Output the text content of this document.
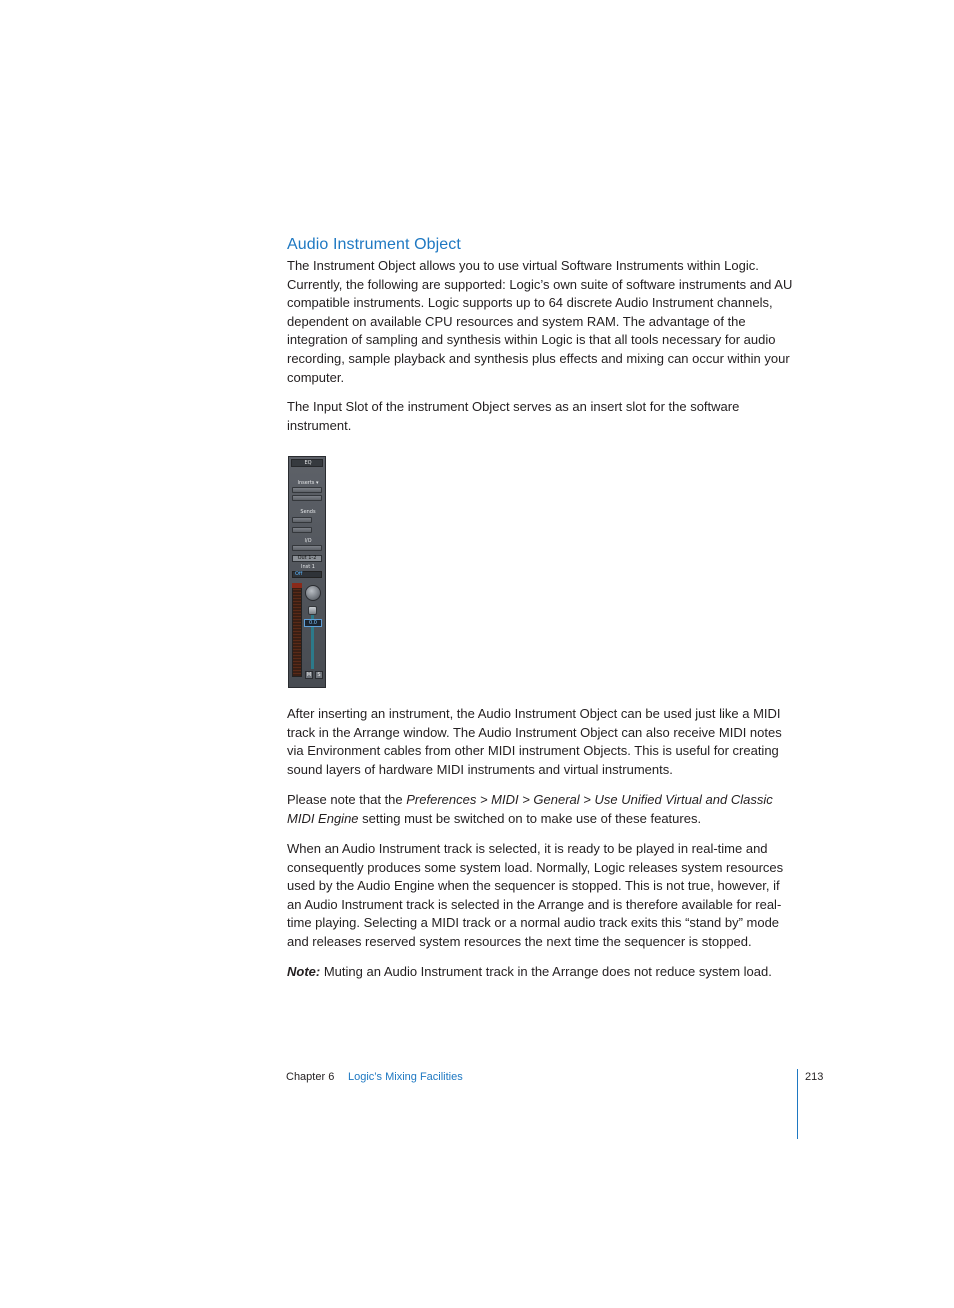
Audio Instrument Object

The Instrument Object allows you to use virtual Software Instruments within Logic. Currently, the following are supported: Logic’s own suite of software instruments and AU compatible instruments. Logic supports up to 64 discrete Audio Instrument channels, dependent on available CPU resources and system RAM. The advantage of the integration of sampling and synthesis within Logic is that all tools necessary for audio recording, sample playback and synthesis plus effects and mixing can occur within your computer.

The Input Slot of the instrument Object serves as an insert slot for the software instrument.

EQ
Inserts ▾
Sends
I/O
Out 1-2
Inst 1
Off
0.0
M	S

After inserting an instrument, the Audio Instrument Object can be used just like a MIDI track in the Arrange window. The Audio Instrument Object can also receive MIDI notes via Environment cables from other MIDI instrument Objects. This is useful for creating sound layers of hardware MIDI instruments and virtual instruments.

Please note that the Preferences > MIDI > General > Use Unified Virtual and Classic MIDI Engine setting must be switched on to make use of these features.

When an Audio Instrument track is selected, it is ready to be played in real-time and consequently produces some system load. Normally, Logic releases system resources used by the Audio Engine when the sequencer is stopped. This is not true, however, if an Audio Instrument track is selected in the Arrange and is therefore available for real-time playing. Selecting a MIDI track or a normal audio track exits this “stand by” mode and releases reserved system resources the next time the sequencer is stopped.

Note: Muting an Audio Instrument track in the Arrange does not reduce system load.

Chapter 6 Logic’s Mixing Facilities	213
